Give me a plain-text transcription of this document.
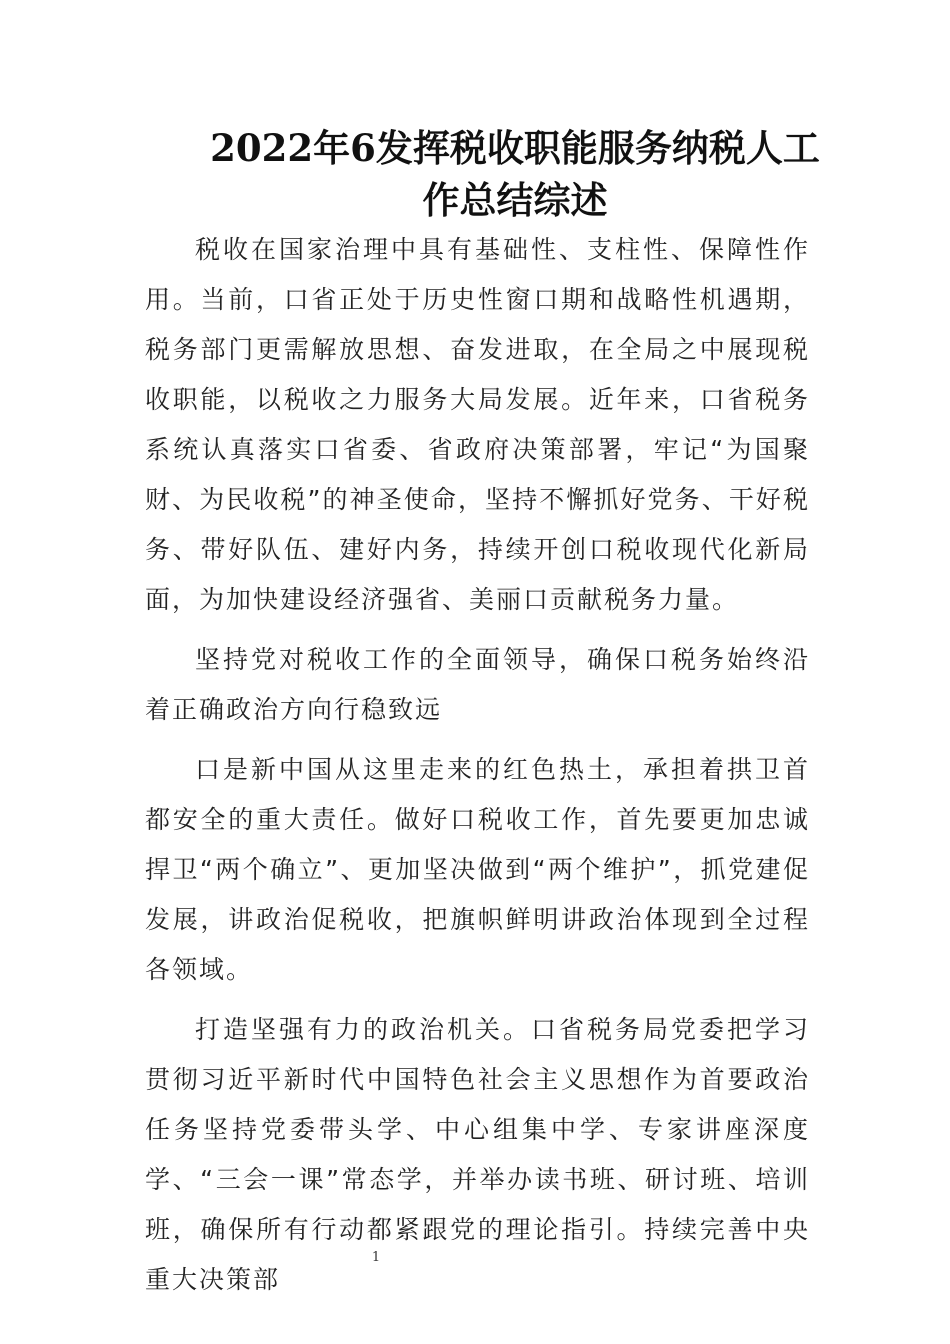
2022年6发挥税收职能服务纳税人工
作总结综述

税收在国家治理中具有基础性、支柱性、保障性作用。当前，口省正处于历史性窗口期和战略性机遇期，税务部门更需解放思想、奋发进取，在全局之中展现税收职能，以税收之力服务大局发展。近年来，口省税务系统认真落实口省委、省政府决策部署，牢记“为国聚财、为民收税”的神圣使命，坚持不懈抓好党务、干好税务、带好队伍、建好内务，持续开创口税收现代化新局面，为加快建设经济强省、美丽口贡献税务力量。

坚持党对税收工作的全面领导，确保口税务始终沿着正确政治方向行稳致远

口是新中国从这里走来的红色热土，承担着拱卫首都安全的重大责任。做好口税收工作，首先要更加忠诚捍卫“两个确立”、更加坚决做到“两个维护”，抓党建促发展，讲政治促税收，把旗帜鲜明讲政治体现到全过程各领域。

打造坚强有力的政治机关。口省税务局党委把学习贯彻习近平新时代中国特色社会主义思想作为首要政治任务坚持党委带头学、中心组集中学、专家讲座深度学、“三会一课”常态学，并举办读书班、研讨班、培训班，确保所有行动都紧跟党的理论指引。持续完善中央重大决策部

1
